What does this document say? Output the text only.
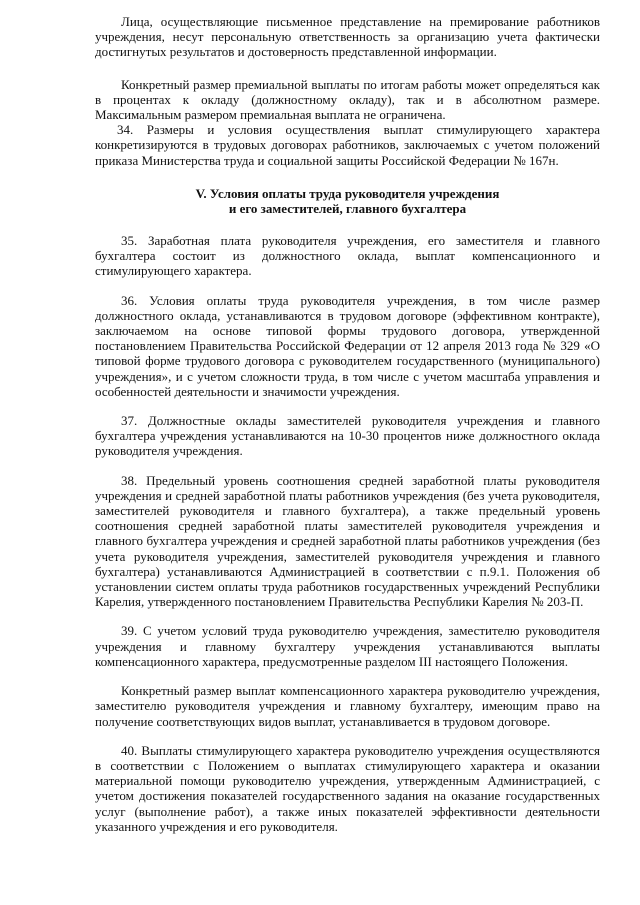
Лица, осуществляющие письменное представление на премирование работников учреждения, несут персональную ответственность за организацию учета фактически достигнутых результатов и достоверность представленной информации.

Конкретный размер премиальной выплаты по итогам работы может определяться как в процентах к окладу (должностному окладу), так и в абсолютном размере. Максимальным размером премиальная выплата не ограничена.

34. Размеры и условия осуществления выплат стимулирующего характера конкретизируются в трудовых договорах работников, заключаемых с учетом положений приказа Министерства труда и социальной защиты Российской Федерации № 167н.

V. Условия оплаты труда руководителя учреждения
и его заместителей, главного бухгалтера

35. Заработная плата руководителя учреждения, его заместителя и главного бухгалтера состоит из должностного оклада, выплат компенсационного и стимулирующего характера.

36. Условия оплаты труда руководителя учреждения, в том числе размер должностного оклада, устанавливаются в трудовом договоре (эффективном контракте), заключаемом на основе типовой формы трудового договора, утвержденной постановлением Правительства Российской Федерации от 12 апреля 2013 года № 329 «О типовой форме трудового договора с руководителем государственного (муниципального) учреждения», и с учетом сложности труда, в том числе с учетом масштаба управления и особенностей деятельности и значимости учреждения.

37. Должностные оклады заместителей руководителя учреждения и главного бухгалтера учреждения устанавливаются на 10-30 процентов ниже должностного оклада руководителя учреждения.

38. Предельный уровень соотношения средней заработной платы руководителя учреждения и средней заработной платы работников учреждения (без учета руководителя, заместителей руководителя и главного бухгалтера), а также предельный уровень соотношения средней заработной платы заместителей руководителя учреждения и главного бухгалтера учреждения и средней заработной платы работников учреждения (без учета руководителя учреждения, заместителей руководителя учреждения и главного бухгалтера) устанавливаются Администрацией в соответствии с п.9.1. Положения об установлении систем оплаты труда работников государственных учреждений Республики Карелия, утвержденного постановлением Правительства Республики Карелия № 203-П.

39. С учетом условий труда руководителю учреждения, заместителю руководителя учреждения и главному бухгалтеру учреждения устанавливаются выплаты компенсационного характера, предусмотренные разделом III настоящего Положения.

Конкретный размер выплат компенсационного характера руководителю учреждения, заместителю руководителя учреждения и главному бухгалтеру, имеющим право на получение соответствующих видов выплат, устанавливается в трудовом договоре.

40. Выплаты стимулирующего характера руководителю учреждения осуществляются в соответствии с Положением о выплатах стимулирующего характера и оказании материальной помощи руководителю учреждения, утвержденным Администрацией, с учетом достижения показателей государственного задания на оказание государственных услуг (выполнение работ), а также иных показателей эффективности деятельности указанного учреждения и его руководителя.
